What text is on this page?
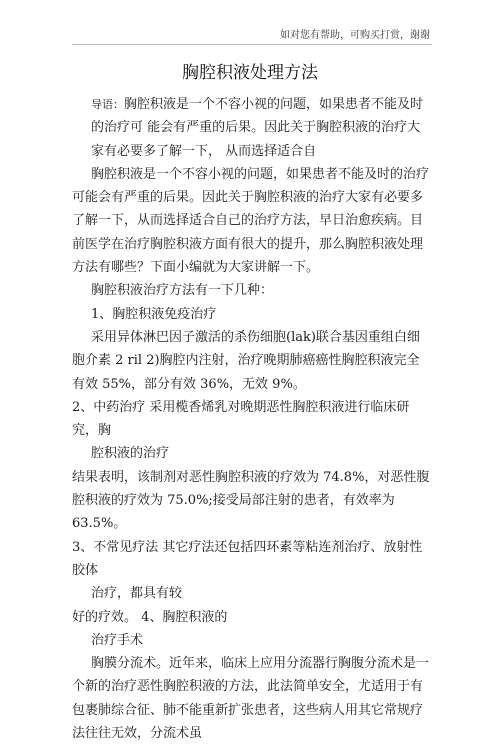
如对您有帮助，可购买打赏，谢谢
胸腔积液处理方法

导语：胸腔积液是一个不容小视的问题，如果患者不能及时的治疗可 能会有严重的后果。因此关于胸腔积液的治疗大家有必要多了解一下， 从而选择适合自

胸腔积液是一个不容小视的问题，如果患者不能及时的治疗可能会有严重的后果。因此关于胸腔积液的治疗大家有必要多了解一下，从而选择适合自己的治疗方法，早日治愈疾病。目前医学在治疗胸腔积液方面有很大的提升，那么胸腔积液处理方法有哪些？下面小编就为大家讲解一下。

胸腔积液治疗方法有一下几种：

1、胸腔积液免疫治疗

采用异体淋巴因子激活的杀伤细胞(lak)联合基因重组白细胞介素 2 ril 2)胸腔内注射，治疗晚期肺癌癌性胸腔积液完全有效 55%，部分有效 36%，无效 9%。

2、中药治疗 采用榄香烯乳对晚期恶性胸腔积液进行临床研究，胸
腔积液的治疗

结果表明，该制剂对恶性胸腔积液的疗效为 74.8%，对恶性腹腔积液的疗效为 75.0%;接受局部注射的患者，有效率为 63.5%。

3、不常见疗法 其它疗法还包括四环素等粘连剂治疗、放射性胶体
治疗，都具有较

好的疗效。 4、胸腔积液的

治疗手术

胸膜分流术。近年来，临床上应用分流器行胸腹分流术是一个新的治疗恶性胸腔积液的方法，此法简单安全，尤适用于有包裹肺综合征、肺不能重新扩张患者，这些病人用其它常规疗法往往无效，分流术虽
